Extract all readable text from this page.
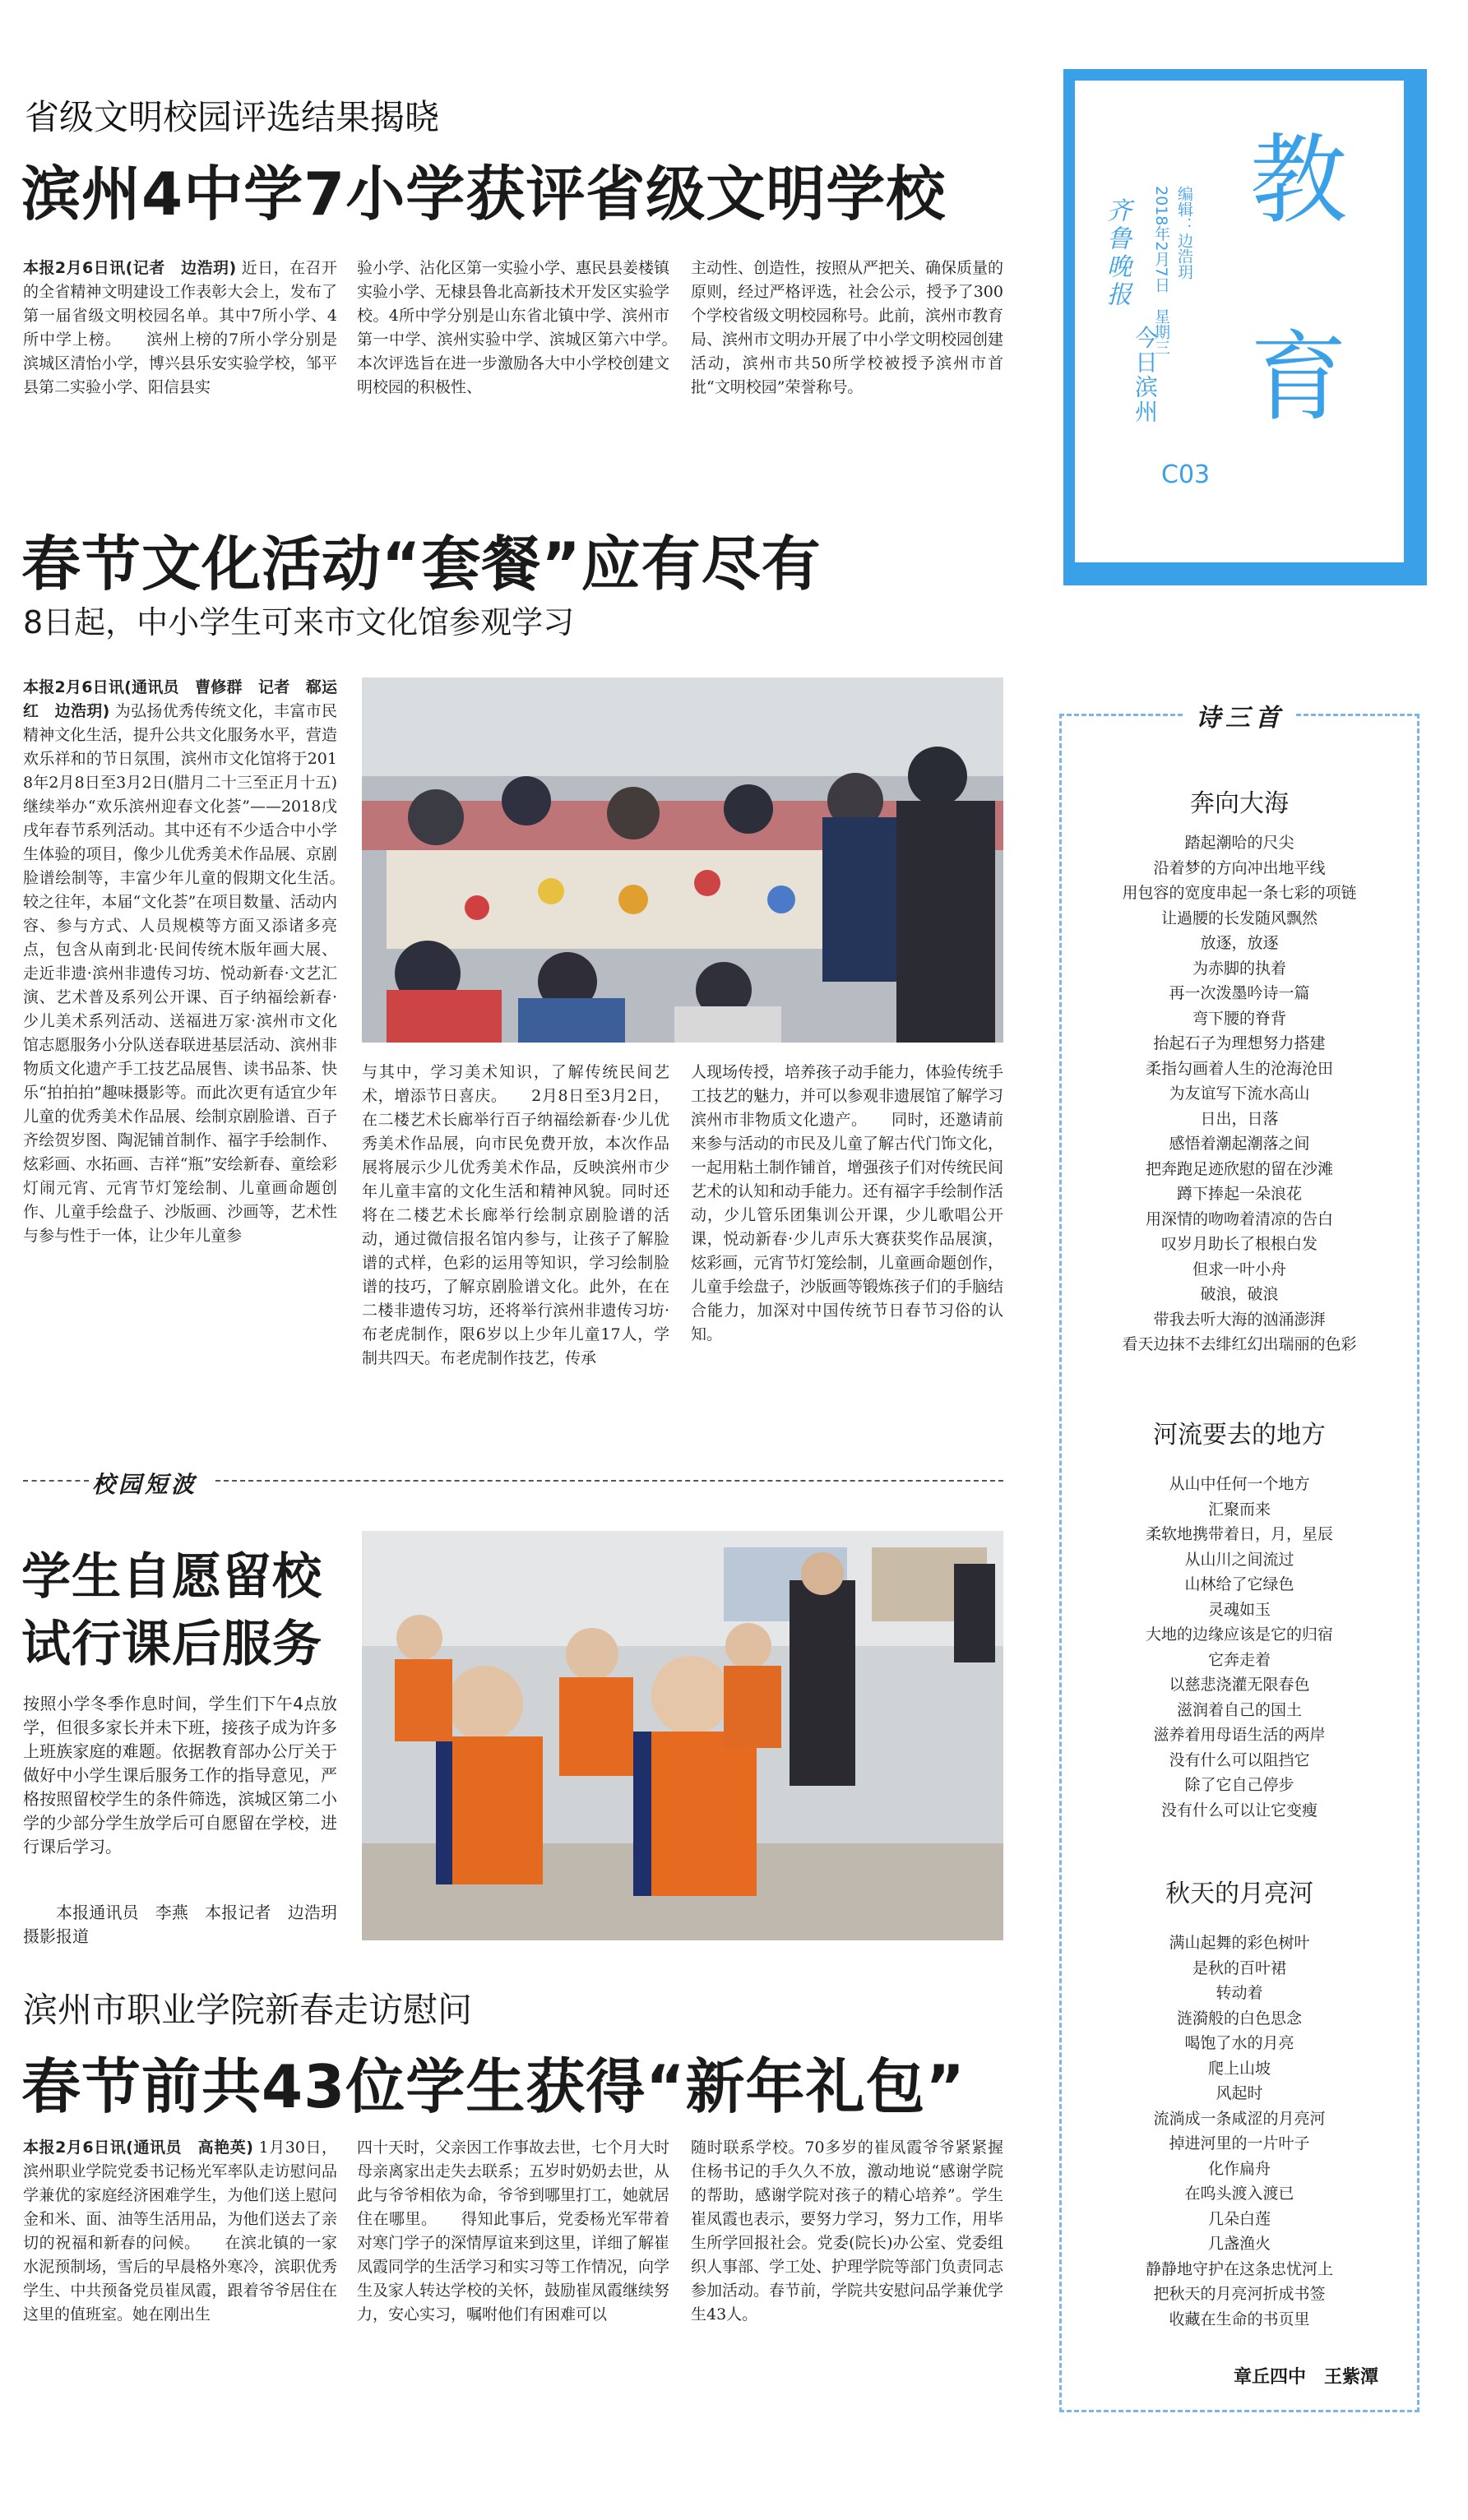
教
育
编辑：边浩玥
2018年2月7日　星期三
齐鲁晚报
今日滨州
C03
省级文明校园评选结果揭晓
滨州4中学7小学获评省级文明学校
本报2月6日讯(记者　边浩玥) 近日，在召开的全省精神文明建设工作表彰大会上，发布了第一届省级文明校园名单。其中7所小学、4所中学上榜。　　滨州上榜的7所小学分别是滨城区清怡小学，博兴县乐安实验学校，邹平县第二实验小学、阳信县实
验小学、沾化区第一实验小学、惠民县姜楼镇实验小学、无棣县鲁北高新技术开发区实验学校。4所中学分别是山东省北镇中学、滨州市第一中学、滨州实验中学、滨城区第六中学。　　本次评选旨在进一步激励各大中小学校创建文明校园的积极性、
主动性、创造性，按照从严把关、确保质量的原则，经过严格评选，社会公示，授予了300个学校省级文明校园称号。此前，滨州市教育局、滨州市文明办开展了中小学文明校园创建活动，滨州市共50所学校被授予滨州市首批“文明校园”荣誉称号。
春节文化活动“套餐”应有尽有
8日起，中小学生可来市文化馆参观学习
本报2月6日讯(通讯员　曹修群　记者　郗运红　边浩玥) 为弘扬优秀传统文化，丰富市民精神文化生活，提升公共文化服务水平，营造欢乐祥和的节日氛围，滨州市文化馆将于2018年2月8日至3月2日(腊月二十三至正月十五)继续举办“欢乐滨州迎春文化荟”——2018戊戌年春节系列活动。其中还有不少适合中小学生体验的项目，像少儿优秀美术作品展、京剧脸谱绘制等，丰富少年儿童的假期文化生活。　　较之往年，本届“文化荟”在项目数量、活动内容、参与方式、人员规模等方面又添诸多亮点，包含从南到北·民间传统木版年画大展、走近非遗·滨州非遗传习坊、悦动新春·文艺汇演、艺术普及系列公开课、百子纳福绘新春·少儿美术系列活动、送福进万家·滨州市文化馆志愿服务小分队送春联进基层活动、滨州非物质文化遗产手工技艺品展售、读书品茶、快乐“拍拍拍”趣味摄影等。而此次更有适宜少年儿童的优秀美术作品展、绘制京剧脸谱、百子齐绘贺岁图、陶泥铺首制作、福字手绘制作、炫彩画、水拓画、吉祥“瓶”安绘新春、童绘彩灯闹元宵、元宵节灯笼绘制、儿童画命题创作、儿童手绘盘子、沙版画、沙画等，艺术性与参与性于一体，让少年儿童参
与其中，学习美术知识，了解传统民间艺术，增添节日喜庆。　　2月8日至3月2日，在二楼艺术长廊举行百子纳福绘新春·少儿优秀美术作品展，向市民免费开放，本次作品展将展示少儿优秀美术作品，反映滨州市少年儿童丰富的文化生活和精神风貌。同时还将在二楼艺术长廊举行绘制京剧脸谱的活动，通过微信报名馆内参与，让孩子了解脸谱的式样，色彩的运用等知识，学习绘制脸谱的技巧，了解京剧脸谱文化。此外，在在二楼非遗传习坊，还将举行滨州非遗传习坊·布老虎制作，限6岁以上少年儿童17人，学制共四天。布老虎制作技艺，传承
人现场传授，培养孩子动手能力，体验传统手工技艺的魅力，并可以参观非遗展馆了解学习滨州市非物质文化遗产。　　同时，还邀请前来参与活动的市民及儿童了解古代门饰文化，一起用粘土制作铺首，增强孩子们对传统民间艺术的认知和动手能力。还有福字手绘制作活动，少儿管乐团集训公开课，少儿歌唱公开课，悦动新春·少儿声乐大赛获奖作品展演，炫彩画，元宵节灯笼绘制，儿童画命题创作，儿童手绘盘子，沙版画等锻炼孩子们的手脑结合能力，加深对中国传统节日春节习俗的认知。
校园短波
学生自愿留校
试行课后服务
按照小学冬季作息时间，学生们下午4点放学，但很多家长并未下班，接孩子成为许多上班族家庭的难题。依据教育部办公厅关于做好中小学生课后服务工作的指导意见，严格按照留校学生的条件筛选，滨城区第二小学的少部分学生放学后可自愿留在学校，进行课后学习。
本报通讯员　李燕　本报记者　边浩玥　摄影报道
滨州市职业学院新春走访慰问
春节前共43位学生获得“新年礼包”
本报2月6日讯(通讯员　高艳英) 1月30日，滨州职业学院党委书记杨光军率队走访慰问品学兼优的家庭经济困难学生，为他们送上慰问金和米、面、油等生活用品，为他们送去了亲切的祝福和新春的问候。　　在滨北镇的一家水泥预制场，雪后的早晨格外寒冷，滨职优秀学生、中共预备党员崔凤霞，跟着爷爷居住在这里的值班室。她在刚出生
四十天时，父亲因工作事故去世，七个月大时母亲离家出走失去联系；五岁时奶奶去世，从此与爷爷相依为命，爷爷到哪里打工，她就居住在哪里。　　得知此事后，党委杨光军带着对寒门学子的深情厚谊来到这里，详细了解崔凤霞同学的生活学习和实习等工作情况，向学生及家人转达学校的关怀，鼓励崔凤霞继续努力，安心实习，嘱咐他们有困难可以
随时联系学校。70多岁的崔凤霞爷爷紧紧握住杨书记的手久久不放，激动地说“感谢学院的帮助，感谢学院对孩子的精心培养”。学生崔凤霞也表示，要努力学习，努力工作，用毕生所学回报社会。党委(院长)办公室、党委组织人事部、学工处、护理学院等部门负责同志参加活动。春节前，学院共安慰问品学兼优学生43人。
诗三首
奔向大海
踏起潮哈的尺尖
沿着梦的方向冲出地平线
用包容的宽度串起一条七彩的项链
让過腰的长发随风飘然
放逐，放逐
为赤脚的执着
再一次泼墨吟诗一篇
弯下腰的脊背
抬起石子为理想努力搭建
柔指勾画着人生的沧海沧田
为友谊写下流水高山
日出，日落
感悟着潮起潮落之间
把奔跑足迹欣慰的留在沙滩
蹲下捧起一朵浪花
用深情的吻吻着清凉的告白
叹岁月助长了根根白发
但求一叶小舟
破浪，破浪
带我去听大海的汹涌澎湃
看天边抹不去绯红幻出瑞丽的色彩
河流要去的地方
从山中任何一个地方
汇聚而来
柔软地携带着日，月，星辰
从山川之间流过
山林给了它绿色
灵魂如玉
大地的边缘应该是它的归宿
它奔走着
以慈悲浇灌无限春色
滋润着自己的国土
滋养着用母语生活的两岸
没有什么可以阻挡它
除了它自己停步
没有什么可以让它变瘦
秋天的月亮河
满山起舞的彩色树叶
是秋的百叶裙
转动着
涟漪般的白色思念
喝饱了水的月亮
爬上山坡
风起时
流淌成一条咸涩的月亮河
掉进河里的一片叶子
化作扁舟
在呜头渡入渡已
几朵白莲
几盏渔火
静静地守护在这条忠忧河上
把秋天的月亮河折成书签
收藏在生命的书页里
章丘四中　王紫潭
